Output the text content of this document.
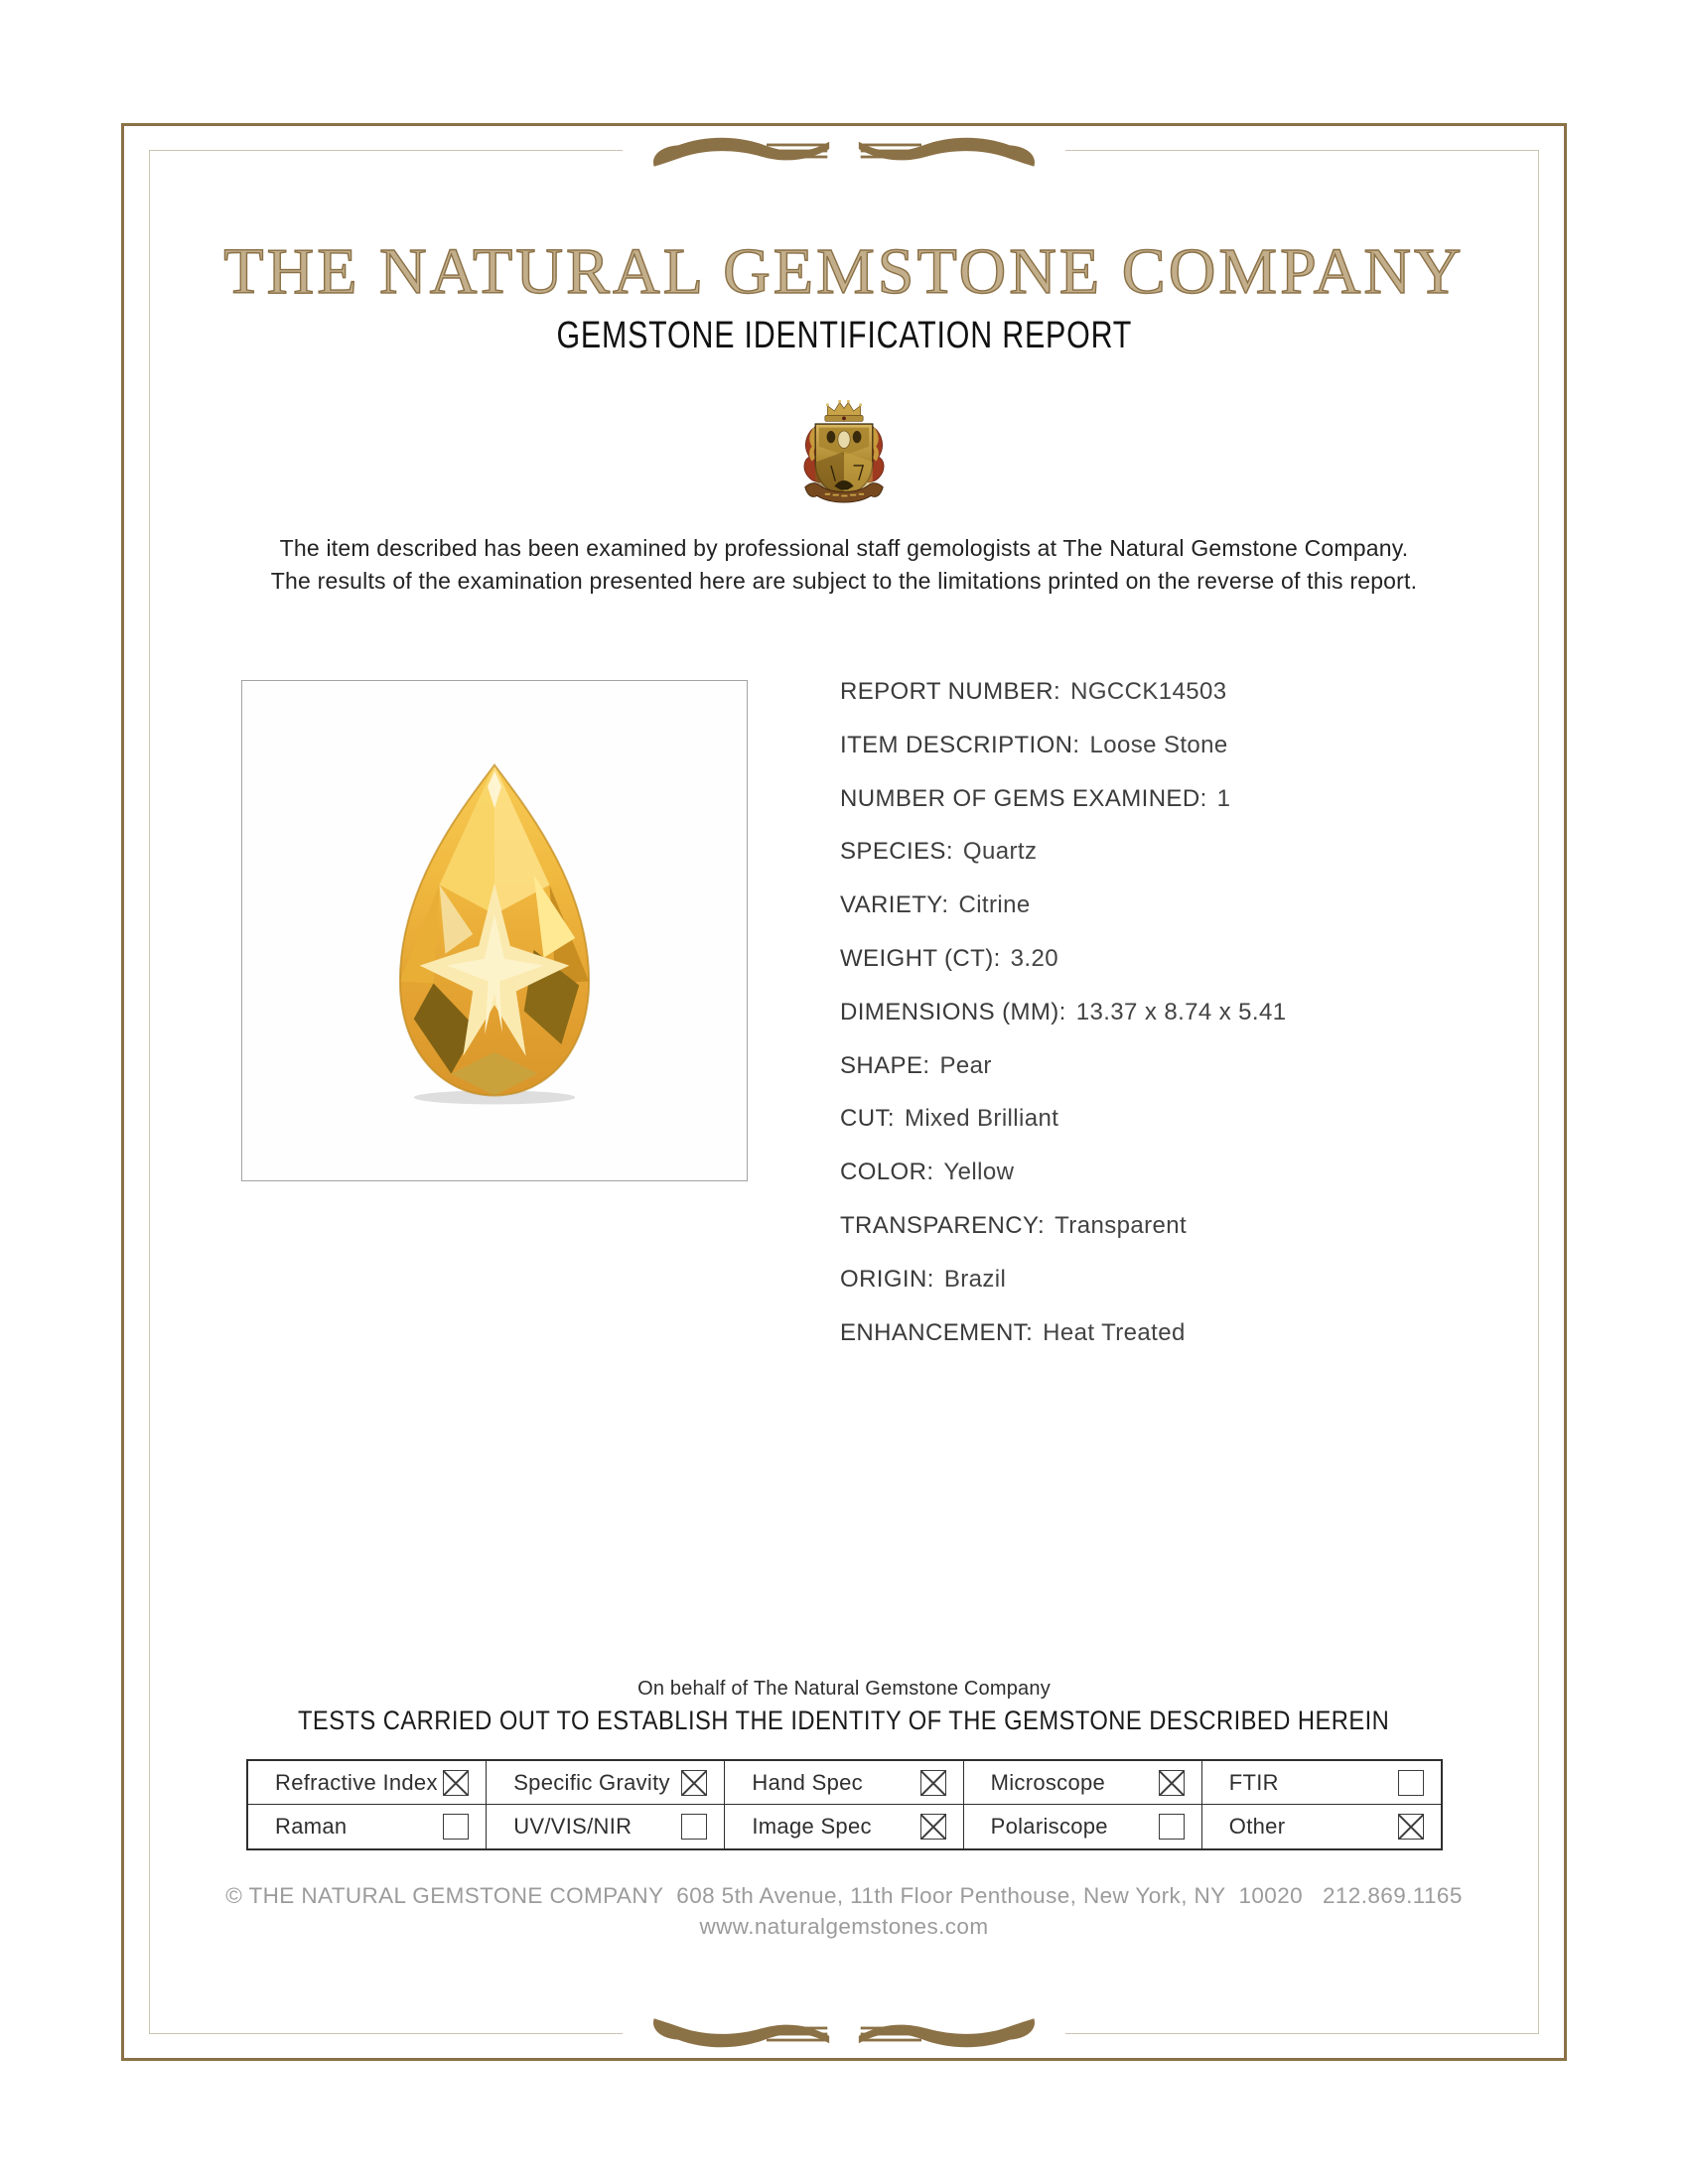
THE NATURAL GEMSTONE COMPANY
GEMSTONE IDENTIFICATION REPORT
The item described has been examined by professional staff gemologists at The Natural Gemstone Company.
The results of the examination presented here are subject to the limitations printed on the reverse of this report.
REPORT NUMBER: NGCCK14503
ITEM DESCRIPTION: Loose Stone
NUMBER OF GEMS EXAMINED: 1
SPECIES: Quartz
VARIETY: Citrine
WEIGHT (CT): 3.20
DIMENSIONS (MM): 13.37 x 8.74 x 5.41
SHAPE: Pear
CUT: Mixed Brilliant
COLOR: Yellow
TRANSPARENCY: Transparent
ORIGIN: Brazil
ENHANCEMENT: Heat Treated
On behalf of The Natural Gemstone Company
TESTS CARRIED OUT TO ESTABLISH THE IDENTITY OF THE GEMSTONE DESCRIBED HEREIN
Refractive Index	Specific Gravity	Hand Spec	Microscope	FTIR
Raman	UV/VIS/NIR	Image Spec	Polariscope	Other
© THE NATURAL GEMSTONE COMPANY  608 5th Avenue, 11th Floor Penthouse, New York, NY  10020   212.869.1165
www.naturalgemstones.com
